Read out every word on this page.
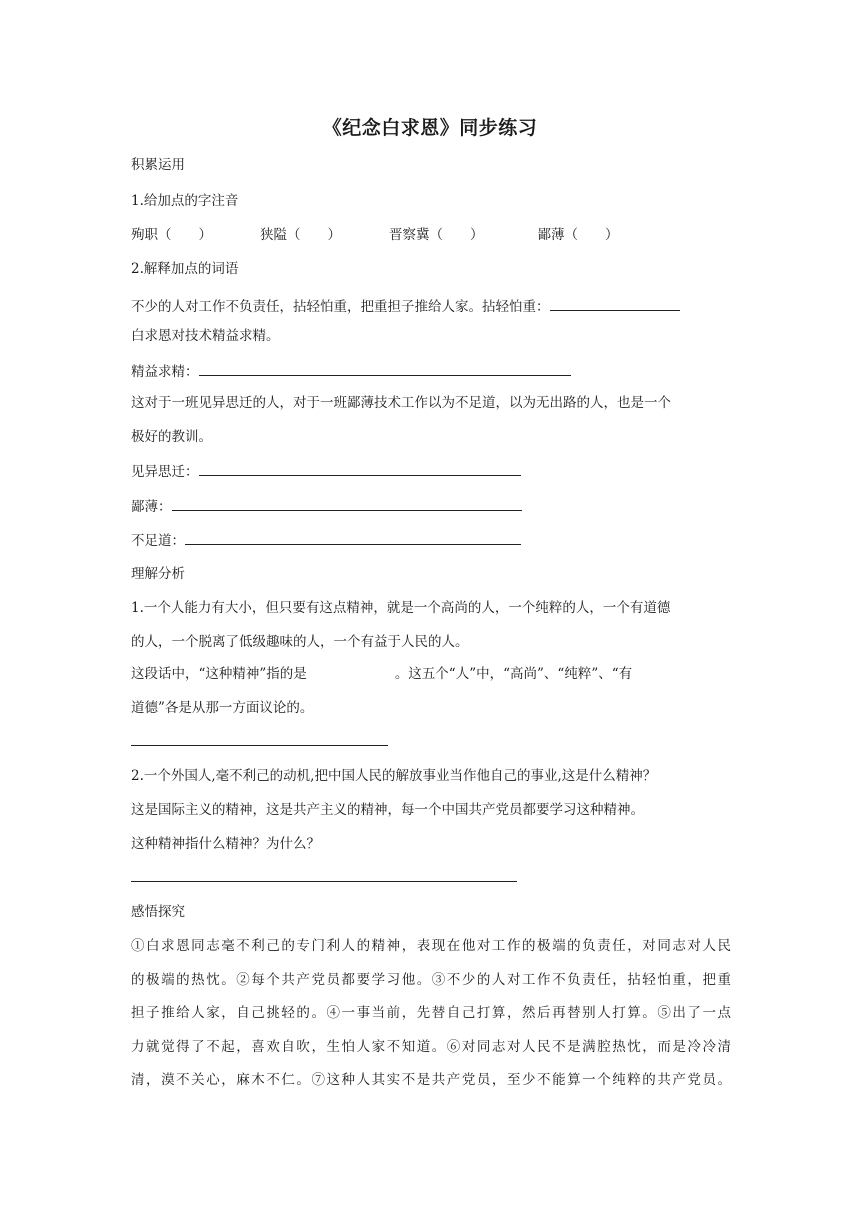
《纪念白求恩》同步练习
积累运用
1.给加点的字注音
殉职（　　）	狭隘（　　）	晋察冀（　　）	鄙薄（　　）
2.解释加点的词语
不少的人对工作不负责任，拈轻怕重，把重担子推给人家。拈轻怕重：
白求恩对技术精益求精。
精益求精：
这对于一班见异思迁的人，对于一班鄙薄技术工作以为不足道，以为无出路的人，也是一个
极好的教训。
见异思迁：
鄙薄：
不足道：
理解分析
1.一个人能力有大小，但只要有这点精神，就是一个高尚的人，一个纯粹的人，一个有道德
的人，一个脱离了低级趣味的人，一个有益于人民的人。
这段话中，“这种精神”指的是	。这五个“人”中，“高尚”、“纯粹”、“有
道德”各是从那一方面议论的。
2.一个外国人,毫不利己的动机,把中国人民的解放事业当作他自己的事业,这是什么精神？
这是国际主义的精神，这是共产主义的精神，每一个中国共产党员都要学习这种精神。
这种精神指什么精神？为什么？
感悟探究
①白求恩同志毫不利己的专门利人的精神，表现在他对工作的极端的负责任，对同志对人民
的极端的热忱。②每个共产党员都要学习他。③不少的人对工作不负责任，拈轻怕重，把重
担子推给人家，自己挑轻的。④一事当前，先替自己打算，然后再替别人打算。⑤出了一点
力就觉得了不起，喜欢自吹，生怕人家不知道。⑥对同志对人民不是满腔热忱，而是冷冷清
清，漠不关心，麻木不仁。⑦这种人其实不是共产党员，至少不能算一个纯粹的共产党员。
